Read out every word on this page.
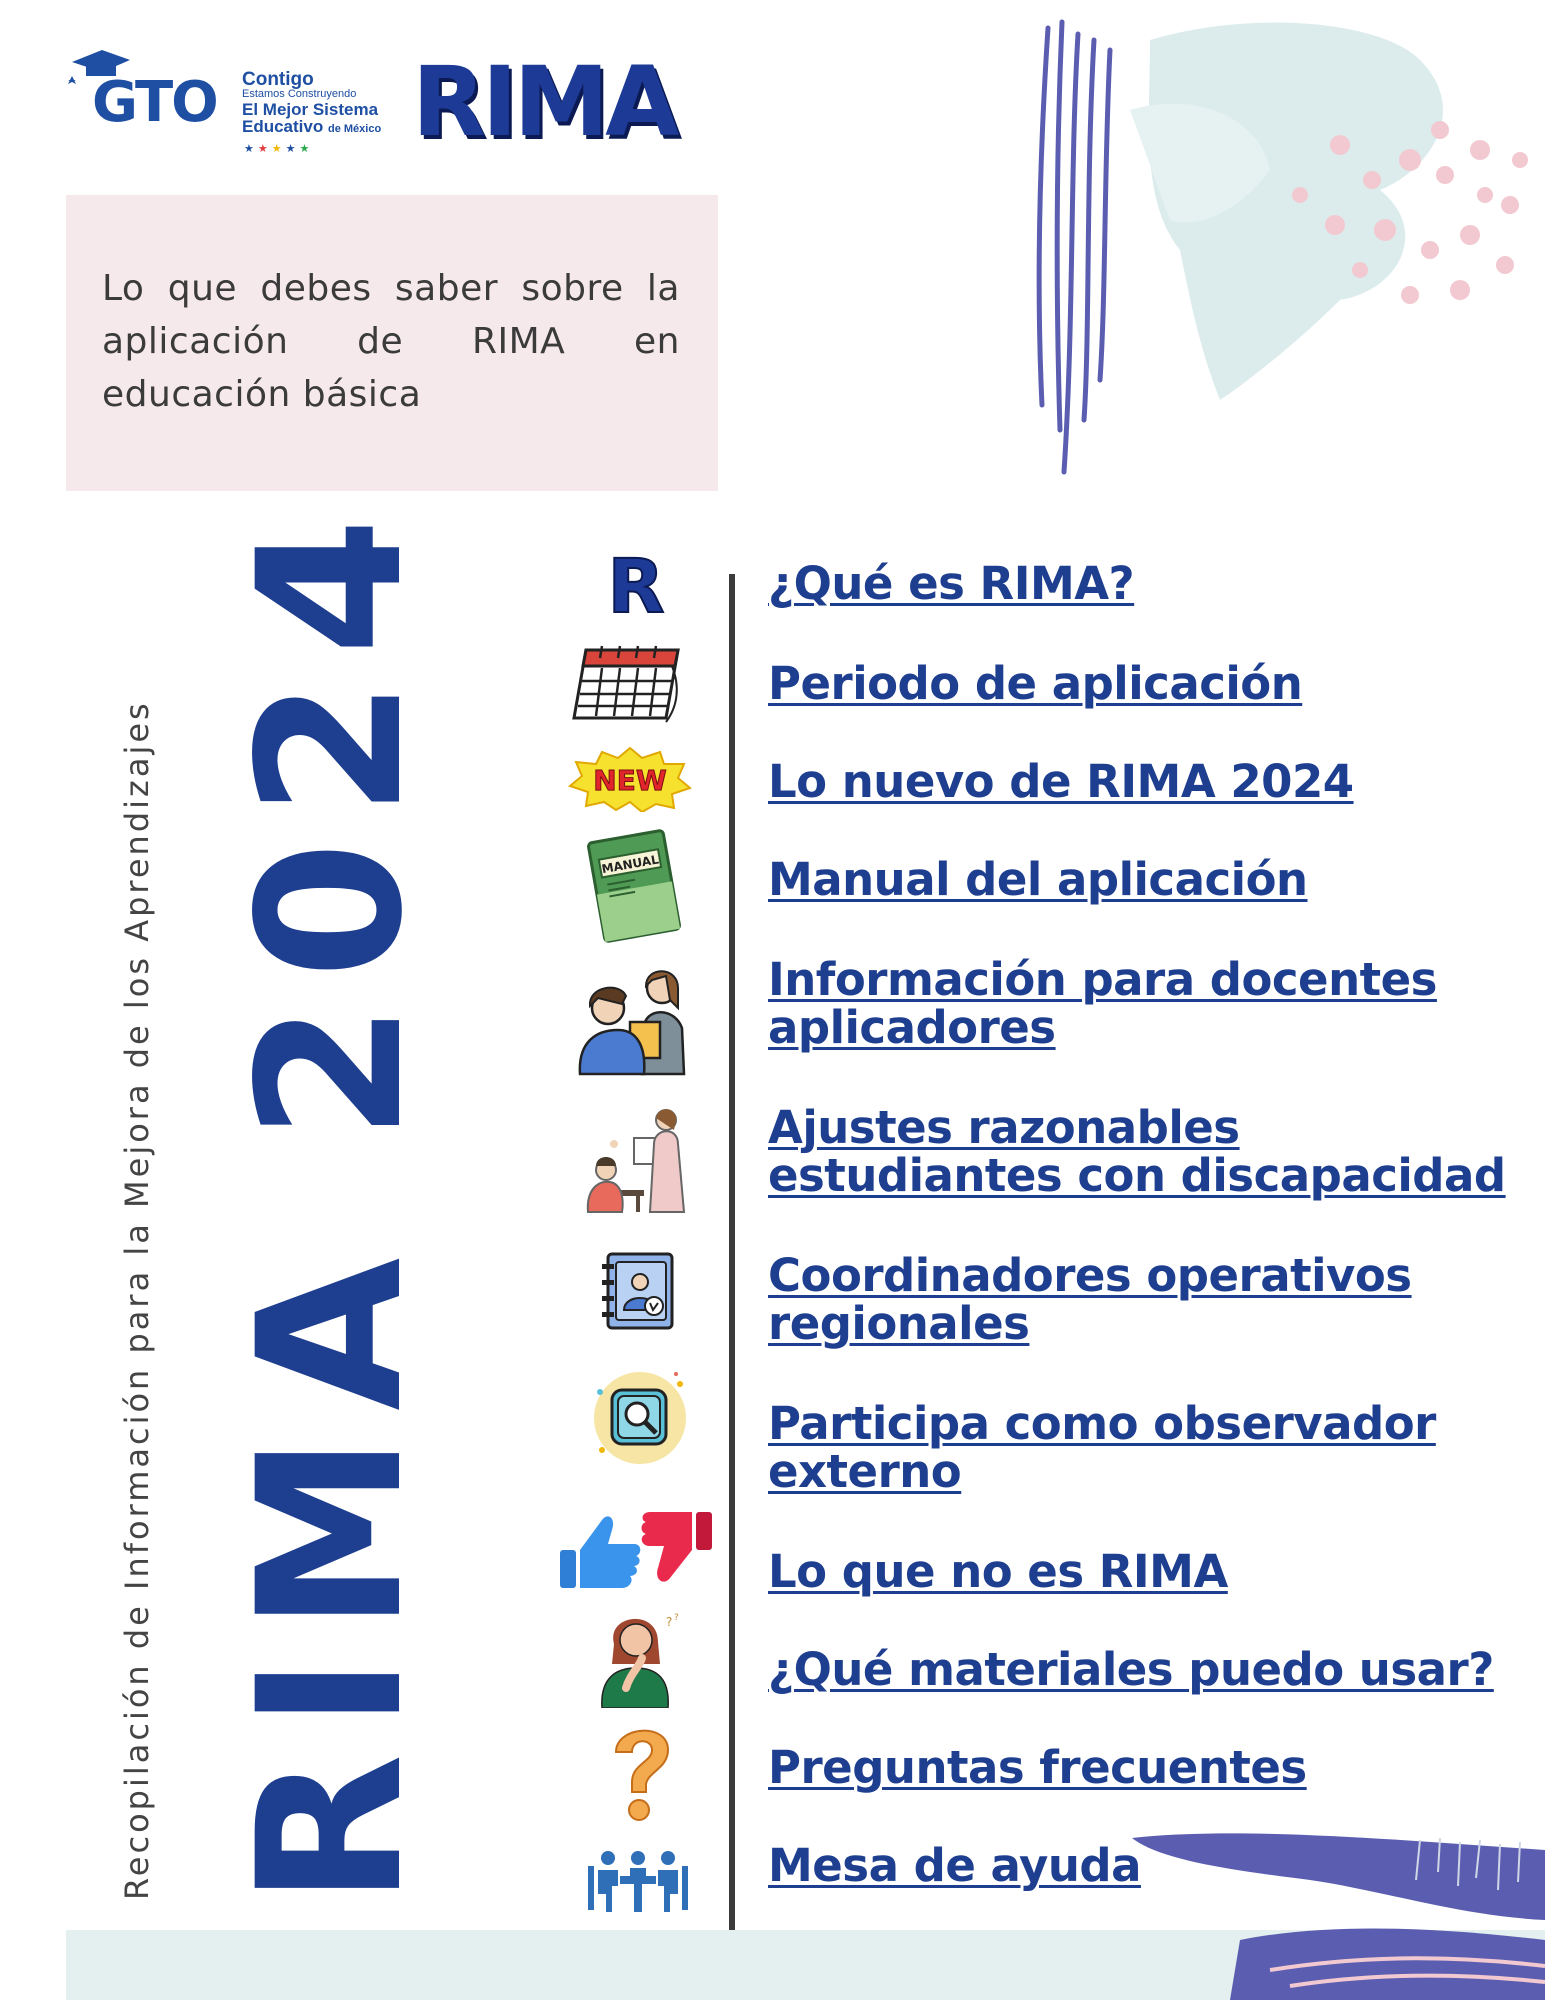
GTO Contigo
Estamos Construyendo
El Mejor Sistema
Educativo de México
★★★★★ RIMA
Lo que debes saber sobre la aplicación de RIMA en educación básica
Recopilación de Información para la Mejora de los Aprendizajes RIMA 2024 R
NEW
MANUAL
? ?
¿Qué es RIMA?
Periodo de aplicación
Lo nuevo de RIMA 2024
Manual del aplicación
Información para docentes aplicadores
Ajustes razonables estudiantes con discapacidad
Coordinadores operativos regionales
Participa como observador externo
Lo que no es RIMA
¿Qué materiales puedo usar?
Preguntas frecuentes
Mesa de ayuda
